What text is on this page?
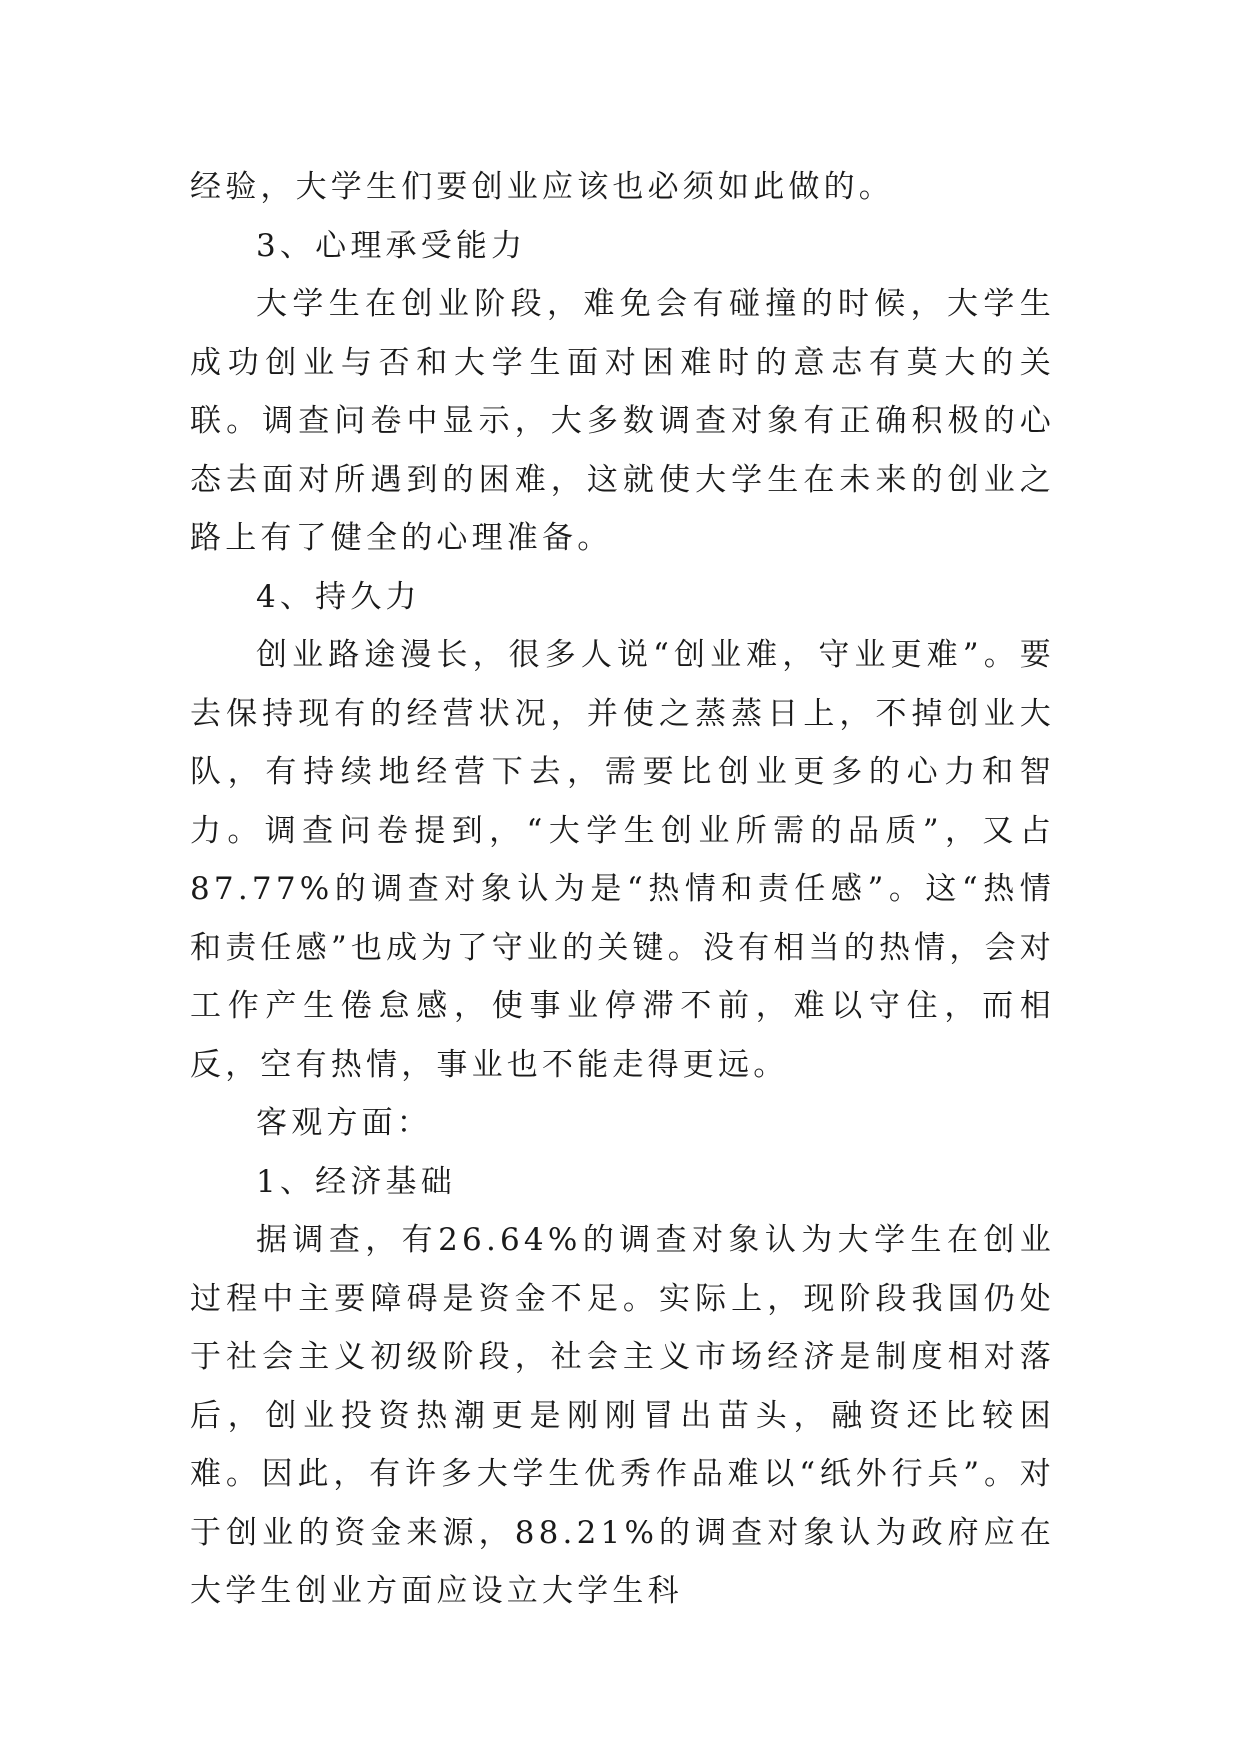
经验，大学生们要创业应该也必须如此做的。

3、心理承受能力

大学生在创业阶段，难免会有碰撞的时候，大学生成功创业与否和大学生面对困难时的意志有莫大的关联。调查问卷中显示，大多数调查对象有正确积极的心态去面对所遇到的困难，这就使大学生在未来的创业之路上有了健全的心理准备。

4、持久力

创业路途漫长，很多人说“创业难，守业更难”。要去保持现有的经营状况，并使之蒸蒸日上，不掉创业大队，有持续地经营下去，需要比创业更多的心力和智力。调查问卷提到，“大学生创业所需的品质”，又占87.77%的调查对象认为是“热情和责任感”。这“热情和责任感”也成为了守业的关键。没有相当的热情，会对工作产生倦怠感，使事业停滞不前，难以守住，而相反，空有热情，事业也不能走得更远。

客观方面：

1、经济基础

据调查，有26.64%的调查对象认为大学生在创业过程中主要障碍是资金不足。实际上，现阶段我国仍处于社会主义初级阶段，社会主义市场经济是制度相对落后，创业投资热潮更是刚刚冒出苗头，融资还比较困难。因此，有许多大学生优秀作品难以“纸外行兵”。对于创业的资金来源，88.21%的调查对象认为政府应在大学生创业方面应设立大学生科
